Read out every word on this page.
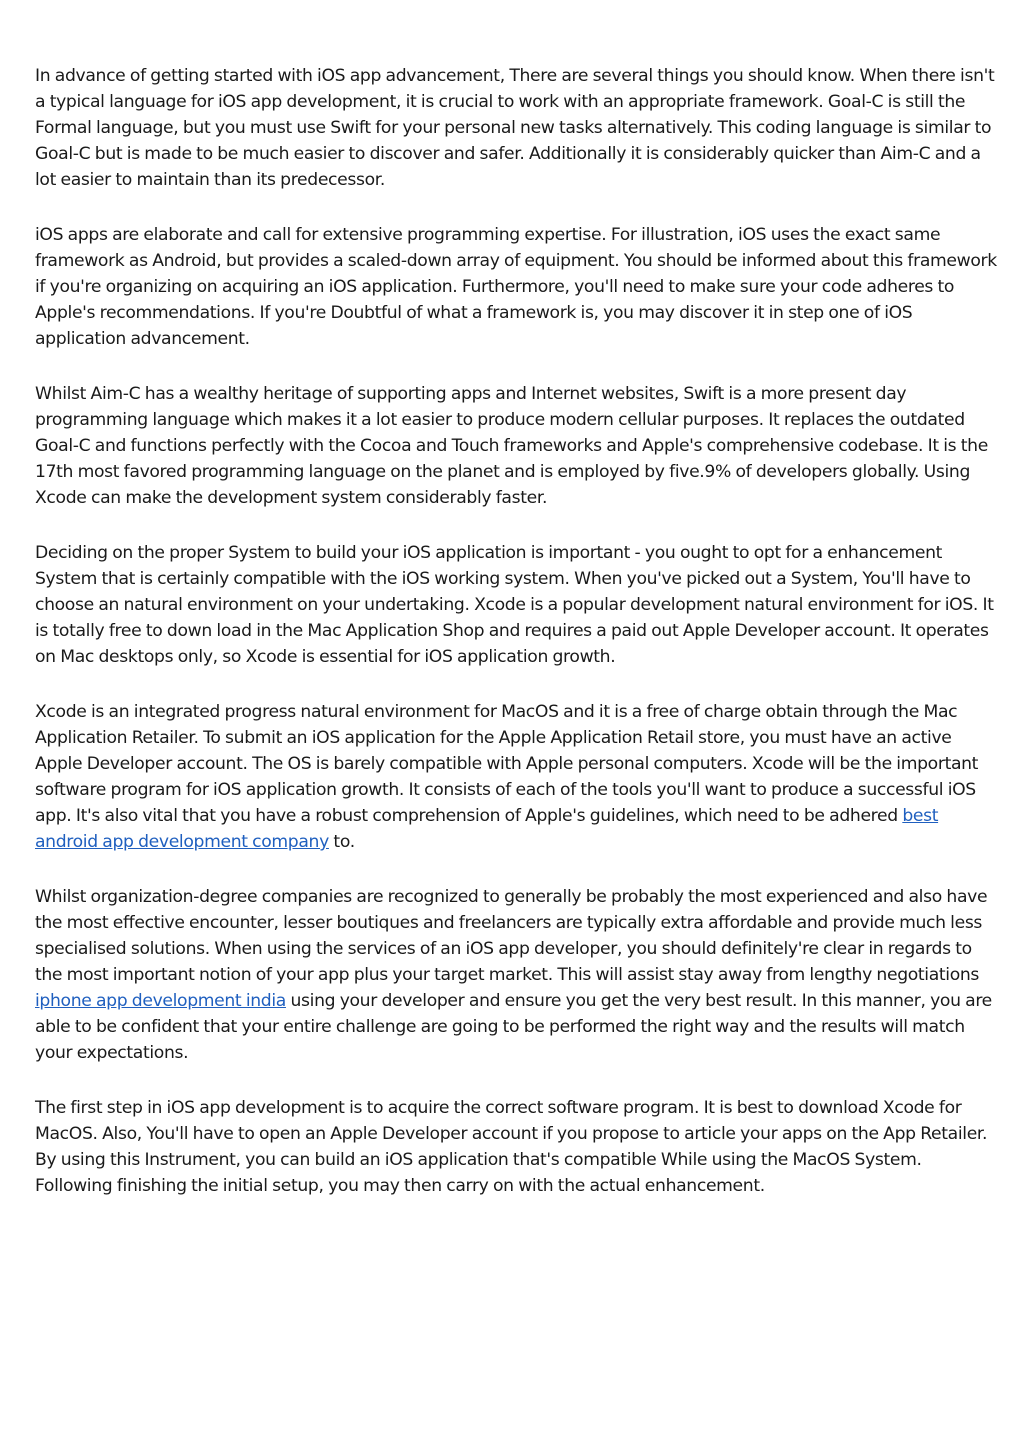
In advance of getting started with iOS app advancement, There are several things you should know. When there isn't a typical language for iOS app development, it is crucial to work with an appropriate framework. Goal-C is still the Formal language, but you must use Swift for your personal new tasks alternatively. This coding language is similar to Goal-C but is made to be much easier to discover and safer. Additionally it is considerably quicker than Aim-C and a lot easier to maintain than its predecessor.

iOS apps are elaborate and call for extensive programming expertise. For illustration, iOS uses the exact same framework as Android, but provides a scaled-down array of equipment. You should be informed about this framework if you're organizing on acquiring an iOS application. Furthermore, you'll need to make sure your code adheres to Apple's recommendations. If you're Doubtful of what a framework is, you may discover it in step one of iOS application advancement.

Whilst Aim-C has a wealthy heritage of supporting apps and Internet websites, Swift is a more present day programming language which makes it a lot easier to produce modern cellular purposes. It replaces the outdated Goal-C and functions perfectly with the Cocoa and Touch frameworks and Apple's comprehensive codebase. It is the 17th most favored programming language on the planet and is employed by five.9% of developers globally. Using Xcode can make the development system considerably faster.

Deciding on the proper System to build your iOS application is important - you ought to opt for a enhancement System that is certainly compatible with the iOS working system. When you've picked out a System, You'll have to choose an natural environment on your undertaking. Xcode is a popular development natural environment for iOS. It is totally free to down load in the Mac Application Shop and requires a paid out Apple Developer account. It operates on Mac desktops only, so Xcode is essential for iOS application growth.

Xcode is an integrated progress natural environment for MacOS and it is a free of charge obtain through the Mac Application Retailer. To submit an iOS application for the Apple Application Retail store, you must have an active Apple Developer account. The OS is barely compatible with Apple personal computers. Xcode will be the important software program for iOS application growth. It consists of each of the tools you'll want to produce a successful iOS app. It's also vital that you have a robust comprehension of Apple's guidelines, which need to be adhered best android app development company to.

Whilst organization-degree companies are recognized to generally be probably the most experienced and also have the most effective encounter, lesser boutiques and freelancers are typically extra affordable and provide much less specialised solutions. When using the services of an iOS app developer, you should definitely're clear in regards to the most important notion of your app plus your target market. This will assist stay away from lengthy negotiations iphone app development india using your developer and ensure you get the very best result. In this manner, you are able to be confident that your entire challenge are going to be performed the right way and the results will match your expectations.

The first step in iOS app development is to acquire the correct software program. It is best to download Xcode for MacOS. Also, You'll have to open an Apple Developer account if you propose to article your apps on the App Retailer. By using this Instrument, you can build an iOS application that's compatible While using the MacOS System. Following finishing the initial setup, you may then carry on with the actual enhancement.
